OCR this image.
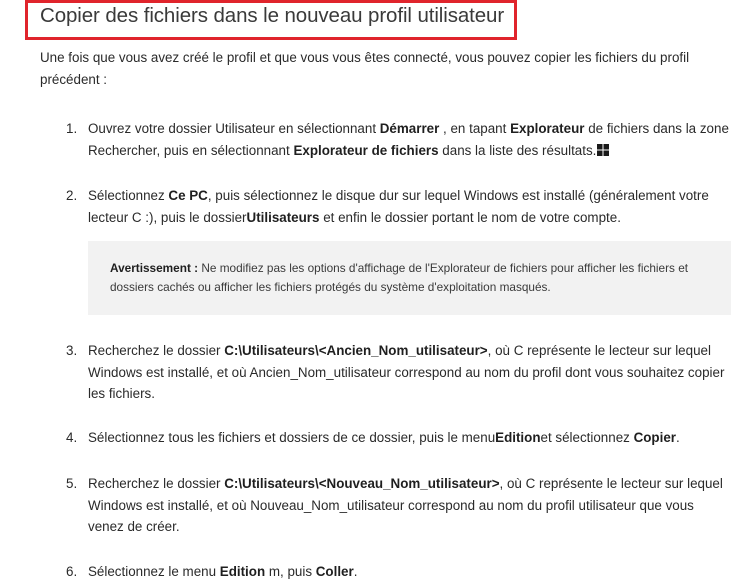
Copier des fichiers dans le nouveau profil utilisateur

Une fois que vous avez créé le profil et que vous vous êtes connecté, vous pouvez copier les fichiers du profil précédent :

1. Ouvrez votre dossier Utilisateur en sélectionnant Démarrer , en tapant Explorateur de fichiers dans la zone Rechercher, puis en sélectionnant Explorateur de fichiers dans la liste des résultats.
2. Sélectionnez Ce PC, puis sélectionnez le disque dur sur lequel Windows est installé (généralement votre lecteur C :), puis le dossierUtilisateurs et enfin le dossier portant le nom de votre compte.
3. Recherchez le dossier C:\Utilisateurs\<Ancien_Nom_utilisateur>, où C représente le lecteur sur lequel Windows est installé, et où Ancien_Nom_utilisateur correspond au nom du profil dont vous souhaitez copier les fichiers.
4. Sélectionnez tous les fichiers et dossiers de ce dossier, puis le menuEditionet sélectionnez Copier.
5. Recherchez le dossier C:\Utilisateurs\<Nouveau_Nom_utilisateur>, où C représente le lecteur sur lequel Windows est installé, et où Nouveau_Nom_utilisateur correspond au nom du profil utilisateur que vous venez de créer.
6. Sélectionnez le menu Edition m, puis Coller.
Avertissement : Ne modifiez pas les options d'affichage de l'Explorateur de fichiers pour afficher les fichiers et dossiers cachés ou afficher les fichiers protégés du système d'exploitation masqués.
